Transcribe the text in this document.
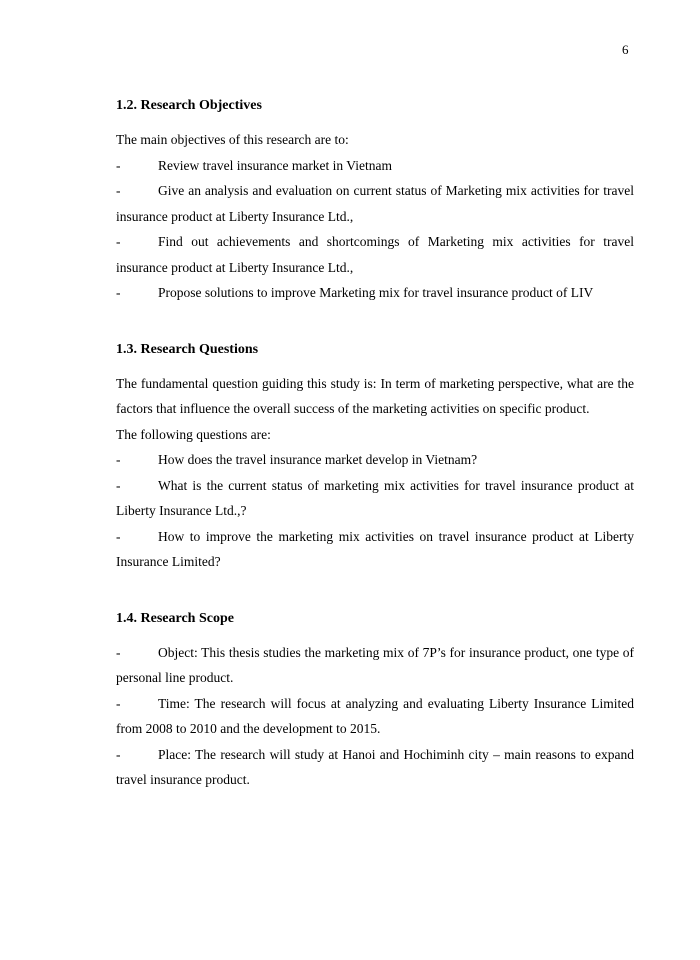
6
1.2. Research Objectives

The main objectives of this research are to:

-	Review travel insurance market in Vietnam

-	Give an analysis and evaluation on current status of Marketing mix activities for travel insurance product at Liberty Insurance Ltd.,

-	Find out achievements and shortcomings of Marketing mix activities for travel insurance product at Liberty Insurance Ltd.,

-	Propose solutions to improve Marketing mix for travel insurance product of LIV

1.3. Research Questions

The fundamental question guiding this study is: In term of marketing perspective, what are the factors that influence the overall success of the marketing activities on specific product.

The following questions are:

-	How does the travel insurance market develop in Vietnam?

-	What is the current status of marketing mix activities for travel insurance product at Liberty Insurance Ltd.,?

-	How to improve the marketing mix activities on travel insurance product at Liberty Insurance Limited?

1.4. Research Scope

-	Object: This thesis studies the marketing mix of 7P’s for insurance product, one type of personal line product.

-	Time: The research will focus at analyzing and evaluating Liberty Insurance Limited from 2008 to 2010 and the development to 2015.

-	Place: The research will study at Hanoi and Hochiminh city – main reasons to expand travel insurance product.
